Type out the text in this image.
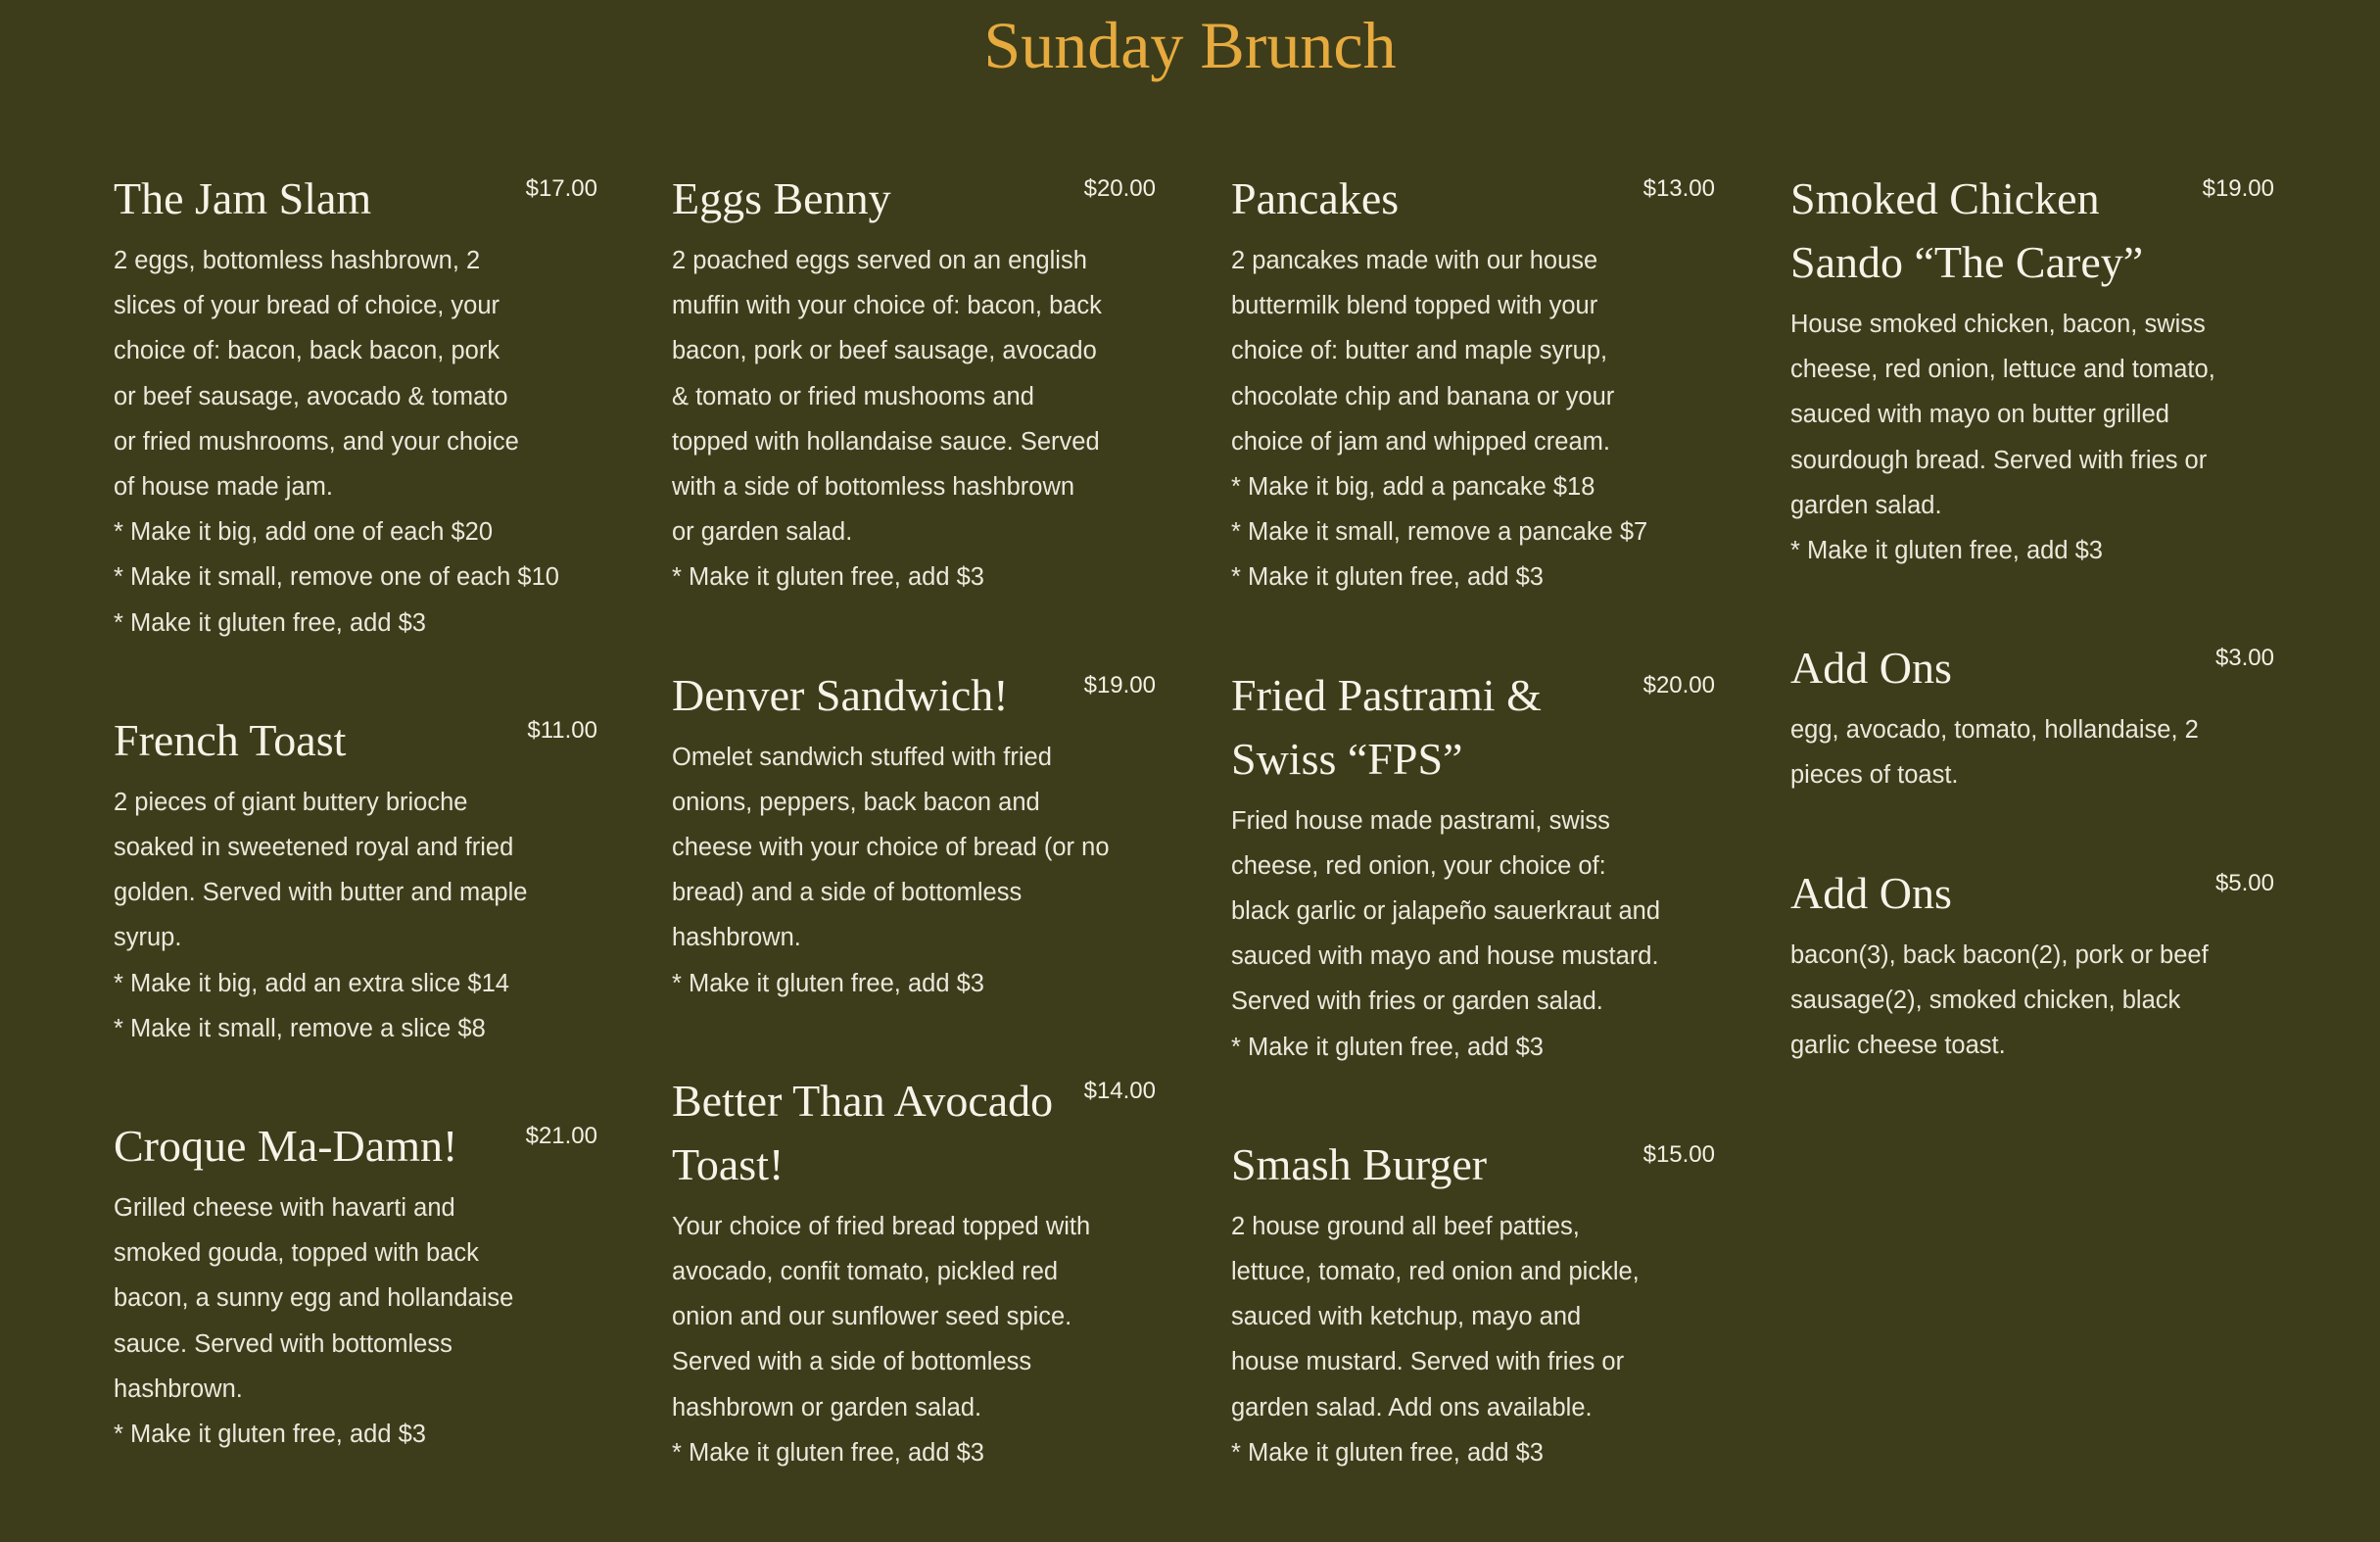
Sunday Brunch
The Jam Slam	$17.00
2 eggs, bottomless hashbrown, 2 slices of your bread of choice, your choice of: bacon, back bacon, pork or beef sausage, avocado & tomato or fried mushrooms, and your choice of house made jam.
* Make it big, add one of each $20
* Make it small, remove one of each $10
* Make it gluten free, add $3
French Toast	$11.00
2 pieces of giant buttery brioche soaked in sweetened royal and fried golden. Served with butter and maple syrup.
* Make it big, add an extra slice $14
* Make it small, remove a slice $8
Croque Ma-Damn!	$21.00
Grilled cheese with havarti and smoked gouda, topped with back bacon, a sunny egg and hollandaise sauce. Served with bottomless hashbrown.
* Make it gluten free, add $3
Eggs Benny	$20.00
2 poached eggs served on an english muffin with your choice of: bacon, back bacon, pork or beef sausage, avocado & tomato or fried mushooms and topped with hollandaise sauce. Served with a side of bottomless hashbrown or garden salad.
* Make it gluten free, add $3
Denver Sandwich!	$19.00
Omelet sandwich stuffed with fried onions, peppers, back bacon and cheese with your choice of bread (or no bread) and a side of bottomless hashbrown.
* Make it gluten free, add $3
Better Than Avocado Toast!
$14.00
Your choice of fried bread topped with avocado, confit tomato, pickled red onion and our sunflower seed spice. Served with a side of bottomless hashbrown or garden salad.
* Make it gluten free, add $3
Pancakes	$13.00
2 pancakes made with our house buttermilk blend topped with your choice of: butter and maple syrup, chocolate chip and banana or your choice of jam and whipped cream.
* Make it big, add a pancake $18
* Make it small, remove a pancake $7
* Make it gluten free, add $3
Fried Pastrami & Swiss “FPS”
$20.00
Fried house made pastrami, swiss cheese, red onion, your choice of: black garlic or jalapeño sauerkraut and sauced with mayo and house mustard. Served with fries or garden salad.
* Make it gluten free, add $3
Smash Burger	$15.00
2 house ground all beef patties, lettuce, tomato, red onion and pickle, sauced with ketchup, mayo and house mustard. Served with fries or garden salad. Add ons available.
* Make it gluten free, add $3
Smoked Chicken Sando “The Carey”
$19.00
House smoked chicken, bacon, swiss cheese, red onion, lettuce and tomato, sauced with mayo on butter grilled sourdough bread. Served with fries or garden salad.
* Make it gluten free, add $3
Add Ons	$3.00
egg, avocado, tomato, hollandaise, 2 pieces of toast.
Add Ons	$5.00
bacon(3), back bacon(2), pork or beef sausage(2), smoked chicken, black garlic cheese toast.
